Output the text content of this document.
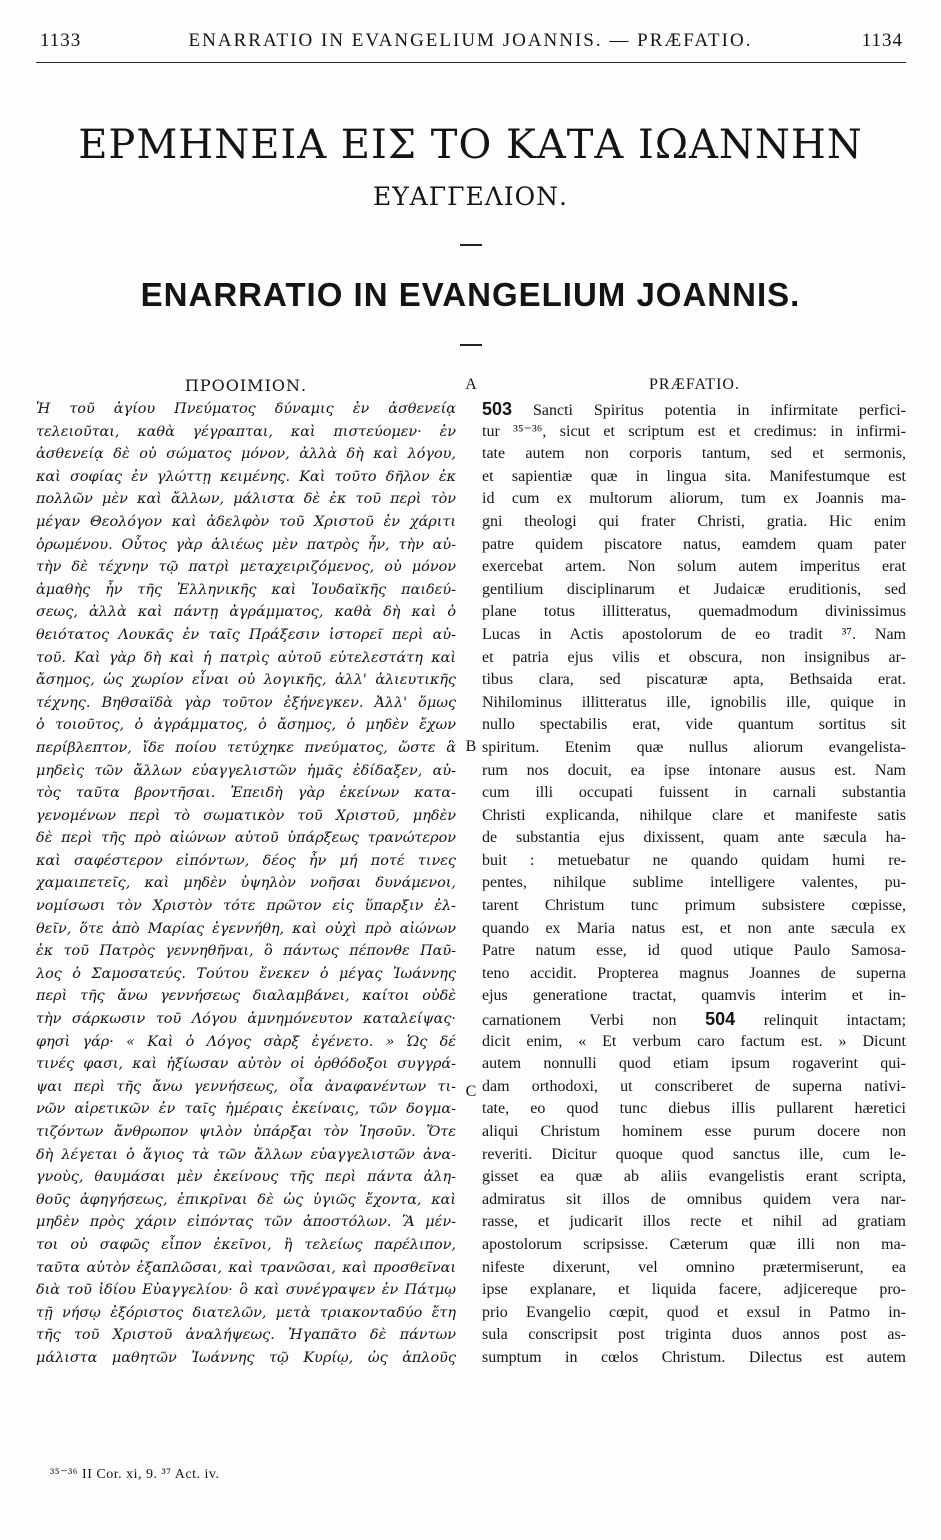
1133	ENARRATIO IN EVANGELIUM JOANNIS. — PRÆFATIO.	1134
ΕΡΜΗΝΕΙΑ ΕΙΣ ΤΟ ΚΑΤΑ ΙΩΑΝΝΗΝ
ΕΥΑΓΓΕΛΙΟΝ.
ENARRATIO IN EVANGELIUM JOANNIS.
ΠΡΟΟΙΜΙΟΝ.	PRÆFATIO.
A
B
C
Ἡ τοῦ ἁγίου Πνεύματος δύναμις ἐν ἀσθενείᾳ
τελειοῦται, καθὰ γέγραπται, καὶ πιστεύομεν· ἐν
ἀσθενείᾳ δὲ οὐ σώματος μόνον, ἀλλὰ δὴ καὶ λόγου,
καὶ σοφίας ἐν γλώττῃ κειμένης. Καὶ τοῦτο δῆλον ἐκ
πολλῶν μὲν καὶ ἄλλων, μάλιστα δὲ ἐκ τοῦ περὶ τὸν
μέγαν Θεολόγον καὶ ἀδελφὸν τοῦ Χριστοῦ ἐν χάριτι
ὁρωμένου. Οὗτος γὰρ ἁλιέως μὲν πατρὸς ἦν, τὴν αὐ-
τὴν δὲ τέχνην τῷ πατρὶ μεταχειριζόμενος, οὐ μόνον
ἀμαθὴς ἦν τῆς Ἑλληνικῆς καὶ Ἰουδαϊκῆς παιδεύ-
σεως, ἀλλὰ καὶ πάντῃ ἀγράμματος, καθὰ δὴ καὶ ὁ
θειότατος Λουκᾶς ἐν ταῖς Πράξεσιν ἱστορεῖ περὶ αὐ-
τοῦ. Καὶ γὰρ δὴ καὶ ἡ πατρὶς αὐτοῦ εὐτελεστάτη καὶ
ἄσημος, ὡς χωρίον εἶναι οὐ λογικῆς, ἀλλ' ἁλιευτικῆς
τέχνης. Βηθσαϊδὰ γὰρ τοῦτον ἐξήνεγκεν. Ἀλλ' ὅμως
ὁ τοιοῦτος, ὁ ἀγράμματος, ὁ ἄσημος, ὁ μηδὲν ἔχων
περίβλεπτον, ἴδε ποίου τετύχηκε πνεύματος, ὥστε ἃ
μηδεὶς τῶν ἄλλων εὐαγγελιστῶν ἡμᾶς ἐδίδαξεν, αὐ-
τὸς ταῦτα βροντῆσαι. Ἐπειδὴ γὰρ ἐκείνων κατα-
γενομένων περὶ τὸ σωματικὸν τοῦ Χριστοῦ, μηδὲν
δὲ περὶ τῆς πρὸ αἰώνων αὐτοῦ ὑπάρξεως τρανώτερον
καὶ σαφέστερον εἰπόντων, δέος ἦν μή ποτέ τινες
χαμαιπετεῖς, καὶ μηδὲν ὑψηλὸν νοῆσαι δυνάμενοι,
νομίσωσι τὸν Χριστὸν τότε πρῶτον εἰς ὕπαρξιν ἐλ-
θεῖν, ὅτε ἀπὸ Μαρίας ἐγεννήθη, καὶ οὐχὶ πρὸ αἰώνων
ἐκ τοῦ Πατρὸς γεννηθῆναι, ὃ πάντως πέπονθε Παῦ-
λος ὁ Σαμοσατεύς. Τούτου ἕνεκεν ὁ μέγας Ἰωάννης
περὶ τῆς ἄνω γεννήσεως διαλαμβάνει, καίτοι οὐδὲ
τὴν σάρκωσιν τοῦ Λόγου ἀμνημόνευτον καταλείψας·
φησὶ γάρ· « Καὶ ὁ Λόγος σὰρξ ἐγένετο. » Ὡς δέ
τινές φασι, καὶ ἠξίωσαν αὐτὸν οἱ ὀρθόδοξοι συγγρά-
ψαι περὶ τῆς ἄνω γεννήσεως, οἷα ἀναφανέντων τι-
νῶν αἱρετικῶν ἐν ταῖς ἡμέραις ἐκείναις, τῶν δογμα-
τιζόντων ἄνθρωπον ψιλὸν ὑπάρξαι τὸν Ἰησοῦν. Ὅτε
δὴ λέγεται ὁ ἅγιος τὰ τῶν ἄλλων εὐαγγελιστῶν ἀνα-
γνοὺς, θαυμάσαι μὲν ἐκείνους τῆς περὶ πάντα ἀλη-
θοῦς ἀφηγήσεως, ἐπικρῖναι δὲ ὡς ὑγιῶς ἔχοντα, καὶ
μηδὲν πρὸς χάριν εἰπόντας τῶν ἀποστόλων. Ἃ μέν-
τοι οὐ σαφῶς εἶπον ἐκεῖνοι, ἢ τελείως παρέλιπον,
ταῦτα αὐτὸν ἐξαπλῶσαι, καὶ τρανῶσαι, καὶ προσθεῖναι
διὰ τοῦ ἰδίου Εὐαγγελίου· ὃ καὶ συνέγραψεν ἐν Πάτμῳ
τῇ νήσῳ ἐξόριστος διατελῶν, μετὰ τριακονταδύο ἔτη
τῆς τοῦ Χριστοῦ ἀναλήψεως. Ἠγαπᾶτο δὲ πάντων
μάλιστα μαθητῶν Ἰωάννης τῷ Κυρίῳ, ὡς ἁπλοῦς
503 Sancti Spiritus potentia in infirmitate perfici-
tur ³⁵⁻³⁶, sicut et scriptum est et credimus: in infirmi-
tate autem non corporis tantum, sed et sermonis,
et sapientiæ quæ in lingua sita. Manifestumque est
id cum ex multorum aliorum, tum ex Joannis ma-
gni theologi qui frater Christi, gratia. Hic enim
patre quidem piscatore natus, eamdem quam pater
exercebat artem. Non solum autem imperitus erat
gentilium disciplinarum et Judaicæ eruditionis, sed
plane totus illitteratus, quemadmodum divinissimus
Lucas in Actis apostolorum de eo tradit ³⁷. Nam
et patria ejus vilis et obscura, non insignibus ar-
tibus clara, sed piscaturæ apta, Bethsaida erat.
Nihilominus illitteratus ille, ignobilis ille, quique in
nullo spectabilis erat, vide quantum sortitus sit
spiritum. Etenim quæ nullus aliorum evangelista-
rum nos docuit, ea ipse intonare ausus est. Nam
cum illi occupati fuissent in carnali substantia
Christi explicanda, nihilque clare et manifeste satis
de substantia ejus dixissent, quam ante sæcula ha-
buit : metuebatur ne quando quidam humi re-
pentes, nihilque sublime intelligere valentes, pu-
tarent Christum tunc primum subsistere cœpisse,
quando ex Maria natus est, et non ante sæcula ex
Patre natum esse, id quod utique Paulo Samosa-
teno accidit. Propterea magnus Joannes de superna
ejus generatione tractat, quamvis interim et in-
carnationem Verbi non 504 relinquit intactam;
dicit enim, « Et verbum caro factum est. » Dicunt
autem nonnulli quod etiam ipsum rogaverint qui-
dam orthodoxi, ut conscriberet de superna nativi-
tate, eo quod tunc diebus illis pullarent hæretici
aliqui Christum hominem esse purum docere non
reveriti. Dicitur quoque quod sanctus ille, cum le-
gisset ea quæ ab aliis evangelistis erant scripta,
admiratus sit illos de omnibus quidem vera nar-
rasse, et judicarit illos recte et nihil ad gratiam
apostolorum scripsisse. Cæterum quæ illi non ma-
nifeste dixerunt, vel omnino prætermiserunt, ea
ipse explanare, et liquida facere, adjicereque pro-
prio Evangelio cœpit, quod et exsul in Patmo in-
sula conscripsit post triginta duos annos post as-
sumptum in cœlos Christum. Dilectus est autem
³⁵⁻³⁶ II Cor. xi, 9. ³⁷ Act. iv.
